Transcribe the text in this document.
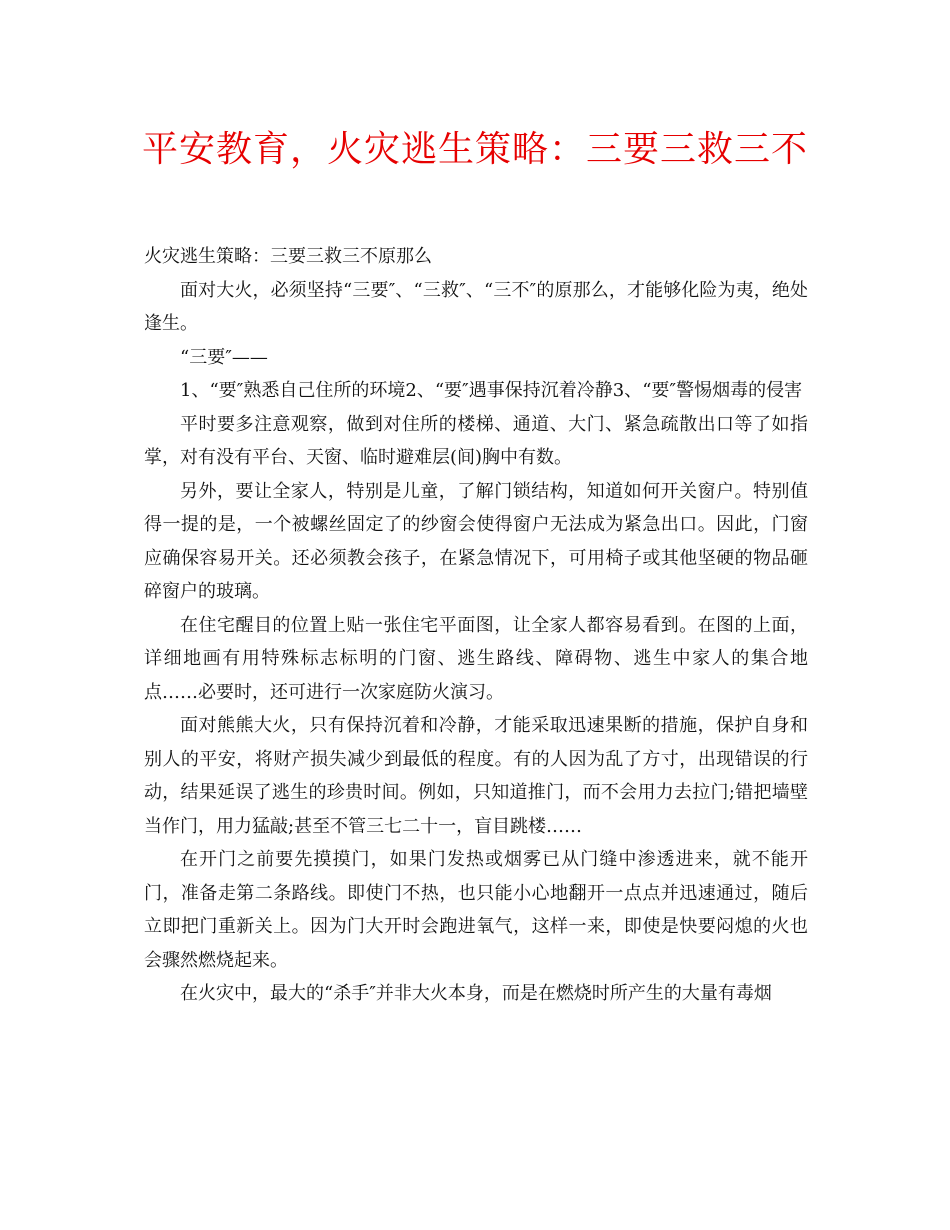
平安教育，火灾逃生策略：三要三救三不

火灾逃生策略：三要三救三不原那么

面对大火，必须坚持“三要″、“三救″、“三不″的原那么，才能够化险为夷，绝处逢生。

“三要″——

1、“要″熟悉自己住所的环境2、“要″遇事保持沉着冷静3、“要″警惕烟毒的侵害

平时要多注意观察，做到对住所的楼梯、通道、大门、紧急疏散出口等了如指掌，对有没有平台、天窗、临时避难层(间)胸中有数。

另外，要让全家人，特别是儿童，了解门锁结构，知道如何开关窗户。特别值得一提的是，一个被螺丝固定了的纱窗会使得窗户无法成为紧急出口。因此，门窗应确保容易开关。还必须教会孩子，在紧急情况下，可用椅子或其他坚硬的物品砸碎窗户的玻璃。

在住宅醒目的位置上贴一张住宅平面图，让全家人都容易看到。在图的上面，详细地画有用特殊标志标明的门窗、逃生路线、障碍物、逃生中家人的集合地点……必要时，还可进行一次家庭防火演习。

面对熊熊大火，只有保持沉着和冷静，才能采取迅速果断的措施，保护自身和别人的平安，将财产损失减少到最低的程度。有的人因为乱了方寸，出现错误的行动，结果延误了逃生的珍贵时间。例如，只知道推门，而不会用力去拉门;错把墙壁当作门，用力猛敲;甚至不管三七二十一，盲目跳楼……

在开门之前要先摸摸门，如果门发热或烟雾已从门缝中渗透进来，就不能开门，准备走第二条路线。即使门不热，也只能小心地翻开一点点并迅速通过，随后立即把门重新关上。因为门大开时会跑进氧气，这样一来，即使是快要闷熄的火也会骤然燃烧起来。

在火灾中，最大的“杀手″并非大火本身，而是在燃烧时所产生的大量有毒烟
